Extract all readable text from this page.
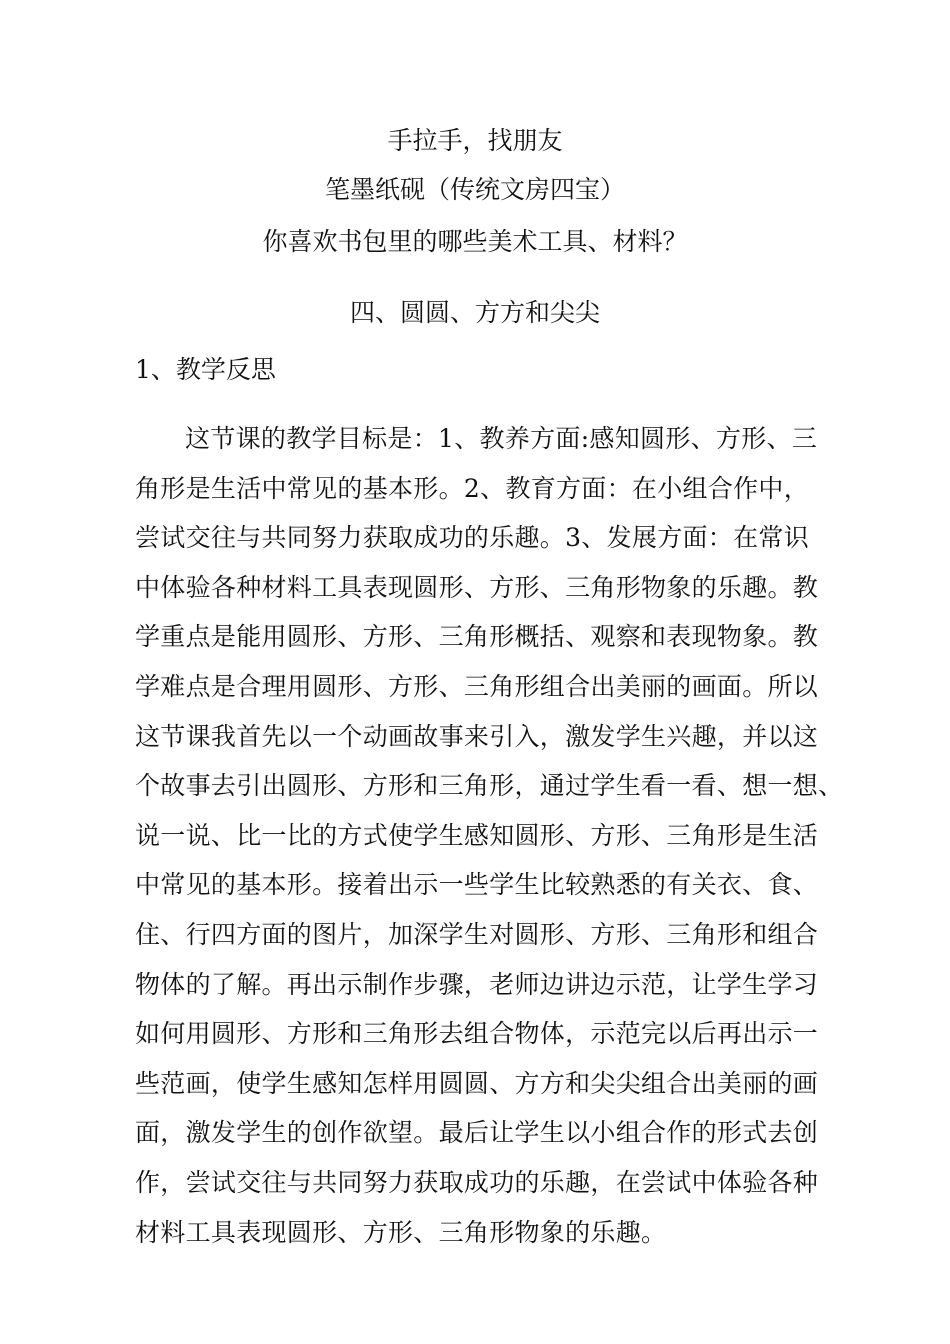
手拉手，找朋友
笔墨纸砚（传统文房四宝）
你喜欢书包里的哪些美术工具、材料？
四、圆圆、方方和尖尖
1、教学反思
这节课的教学目标是：1、教养方面:感知圆形、方形、三
角形是生活中常见的基本形。2、教育方面：在小组合作中，
尝试交往与共同努力获取成功的乐趣。3、发展方面：在常识
中体验各种材料工具表现圆形、方形、三角形物象的乐趣。教
学重点是能用圆形、方形、三角形概括、观察和表现物象。教
学难点是合理用圆形、方形、三角形组合出美丽的画面。所以
这节课我首先以一个动画故事来引入，激发学生兴趣，并以这
个故事去引出圆形、方形和三角形，通过学生看一看、想一想、
说一说、比一比的方式使学生感知圆形、方形、三角形是生活
中常见的基本形。接着出示一些学生比较熟悉的有关衣、食、
住、行四方面的图片，加深学生对圆形、方形、三角形和组合
物体的了解。再出示制作步骤，老师边讲边示范，让学生学习
如何用圆形、方形和三角形去组合物体，示范完以后再出示一
些范画，使学生感知怎样用圆圆、方方和尖尖组合出美丽的画
面，激发学生的创作欲望。最后让学生以小组合作的形式去创
作，尝试交往与共同努力获取成功的乐趣，在尝试中体验各种
材料工具表现圆形、方形、三角形物象的乐趣。
